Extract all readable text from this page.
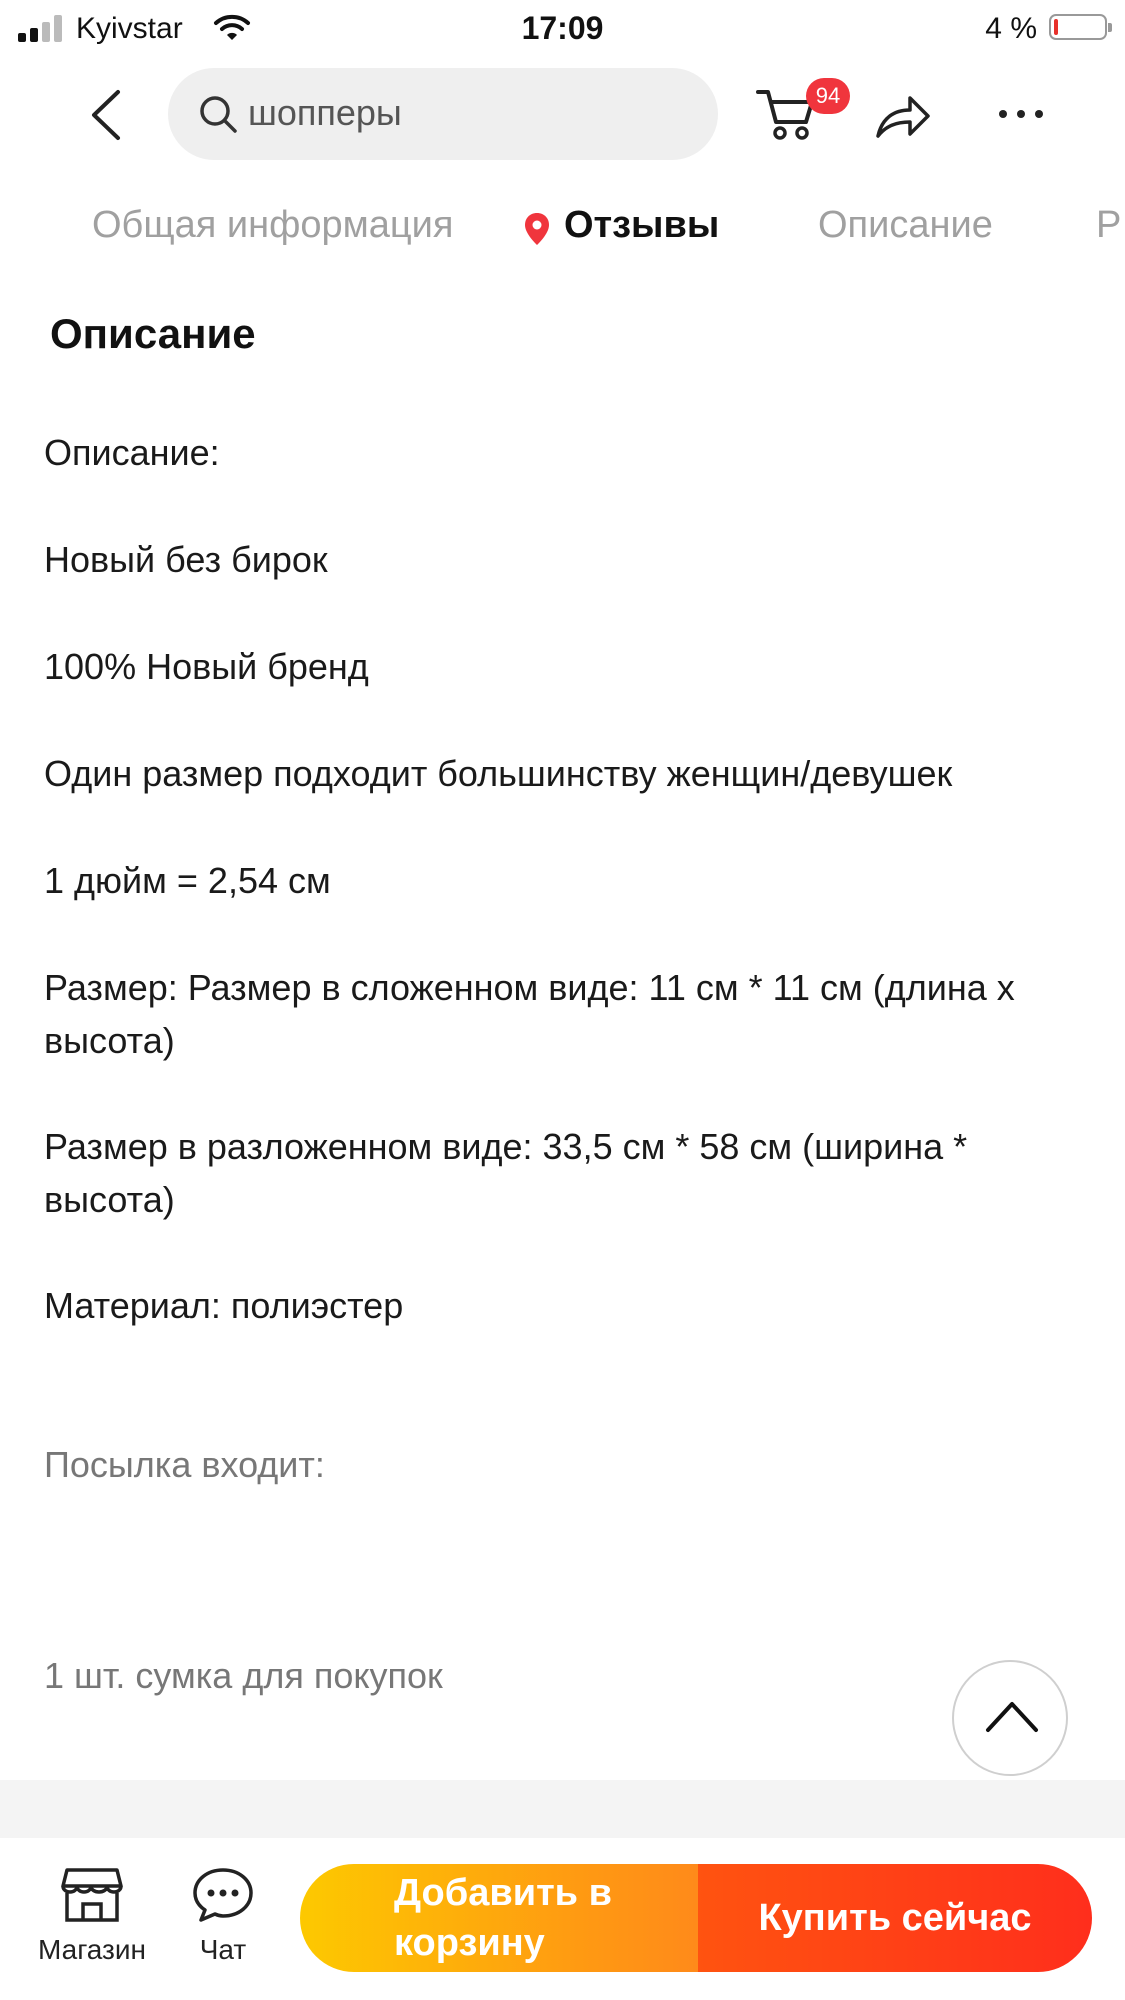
Kyivstar	17:09	4 %
шопперы	94
Общая информация	Отзывы	Описание	Р
Описание
Описание:
Новый без бирок
100% Новый бренд
Один размер подходит большинству женщин/девушек
1 дюйм = 2,54 см
Размер: Размер в сложенном виде: 11 см * 11 см (длина х высота)
Размер в разложенном виде: 33,5 см * 58 см (ширина * высота)
Материал: полиэстер
Посылка входит:
1 шт. сумка для покупок
Магазин	Чат
Добавить в корзину
Купить сейчас
